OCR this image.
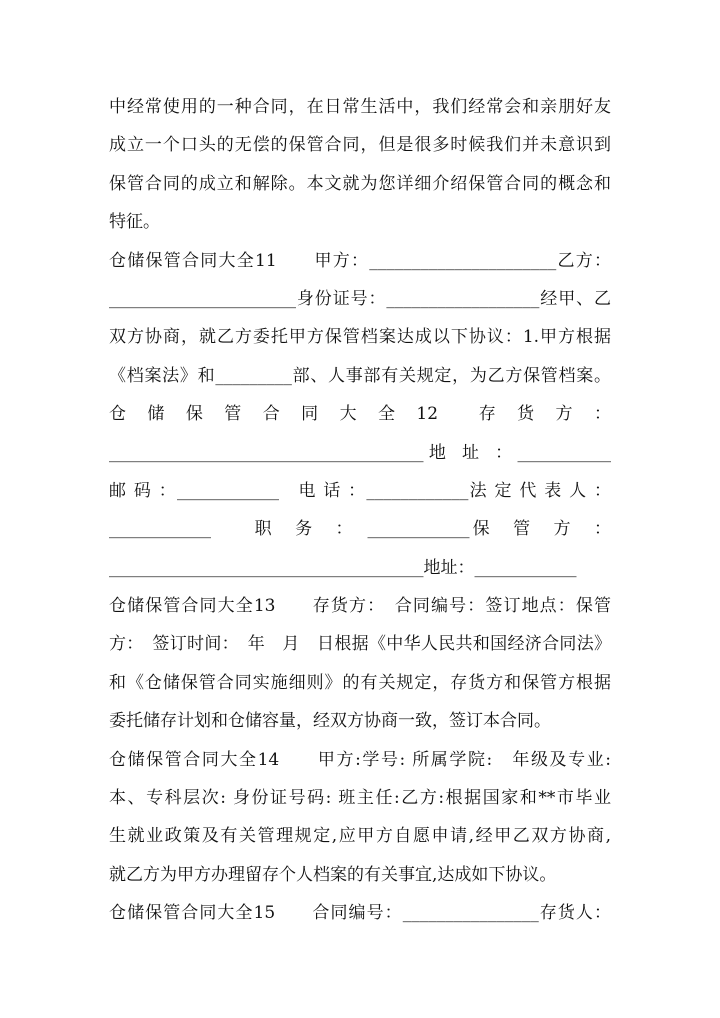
中经常使用的一种合同，在日常生活中，我们经常会和亲朋好友
成立一个口头的无偿的保管合同，但是很多时候我们并未意识到
保管合同的成立和解除。本文就为您详细介绍保管合同的概念和
特征。
仓储保管合同大全11　　甲方：______________________乙方：
______________________身份证号：__________________经甲、乙
双方协商，就乙方委托甲方保管档案达成以下协议：1.甲方根据
《档案法》和_________部、人事部有关规定，为乙方保管档案。
仓　储　保　管　合　同　大　全　12　　存　货　方　：
_____________________________________地 址 ：___________
邮 码 ：____________　电 话 ：____________法 定 代 表 人 ：
____________　　职　务　：　____________保　管　方　：
_____________________________________地址：____________
仓储保管合同大全13　　存货方：　合同编号：签订地点：保管
方：　签订时间：　年　月　日根据《中华人民共和国经济合同法》
和《仓储保管合同实施细则》的有关规定，存货方和保管方根据
委托储存计划和仓储容量，经双方协商一致，签订本合同。
仓储保管合同大全14　　甲方:学号: 所属学院:　年级及专业:
本、专科层次: 身份证号码: 班主任:乙方:根据国家和**市毕业
生就业政策及有关管理规定,应甲方自愿申请,经甲乙双方协商,
就乙方为甲方办理留存个人档案的有关事宜,达成如下协议。
仓储保管合同大全15　　合同编号：________________存货人：
